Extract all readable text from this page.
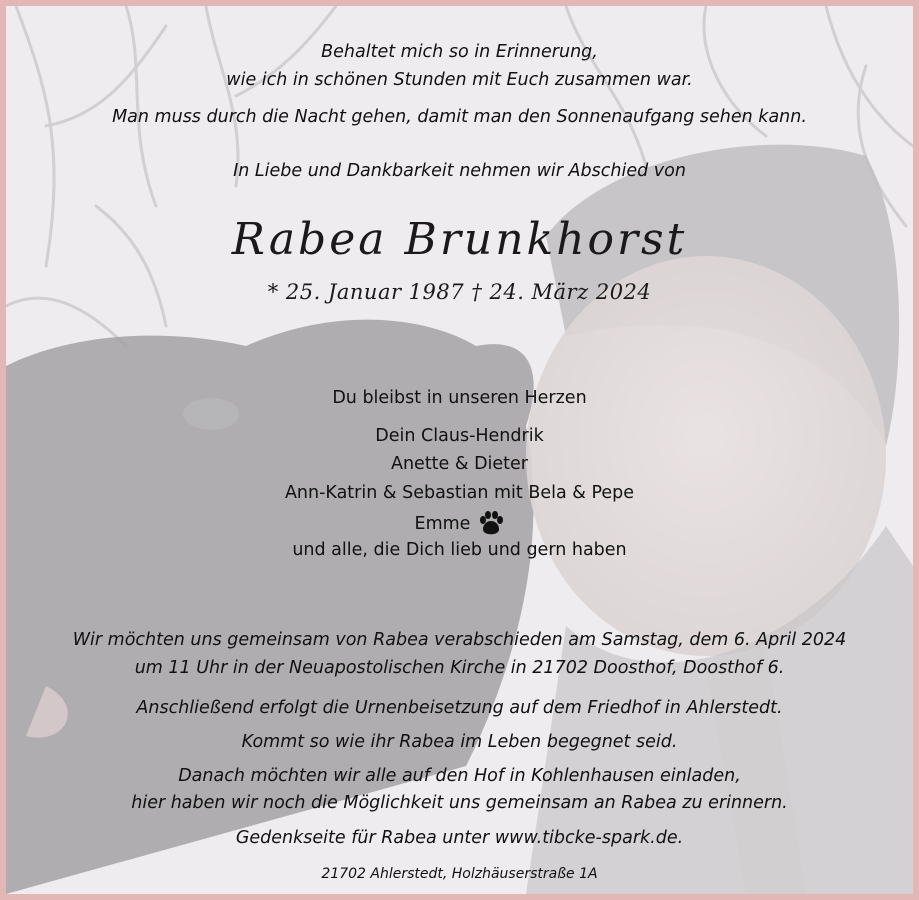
Behaltet mich so in Erinnerung,

wie ich in schönen Stunden mit Euch zusammen war.

Man muss durch die Nacht gehen, damit man den Sonnenaufgang sehen kann.

In Liebe und Dankbarkeit nehmen wir Abschied von

Rabea Brunkhorst

* 25. Januar 1987 † 24. März 2024

Du bleibst in unseren Herzen

Dein Claus-Hendrik

Anette & Dieter

Ann-Katrin & Sebastian mit Bela & Pepe

Emme

und alle, die Dich lieb und gern haben

Wir möchten uns gemeinsam von Rabea verabschieden am Samstag, dem 6. April 2024

um 11 Uhr in der Neuapostolischen Kirche in 21702 Doosthof, Doosthof 6.

Anschließend erfolgt die Urnenbeisetzung auf dem Friedhof in Ahlerstedt.

Kommt so wie ihr Rabea im Leben begegnet seid.

Danach möchten wir alle auf den Hof in Kohlenhausen einladen,

hier haben wir noch die Möglichkeit uns gemeinsam an Rabea zu erinnern.

Gedenkseite für Rabea unter www.tibcke-spark.de.

21702 Ahlerstedt, Holzhäuserstraße 1A
